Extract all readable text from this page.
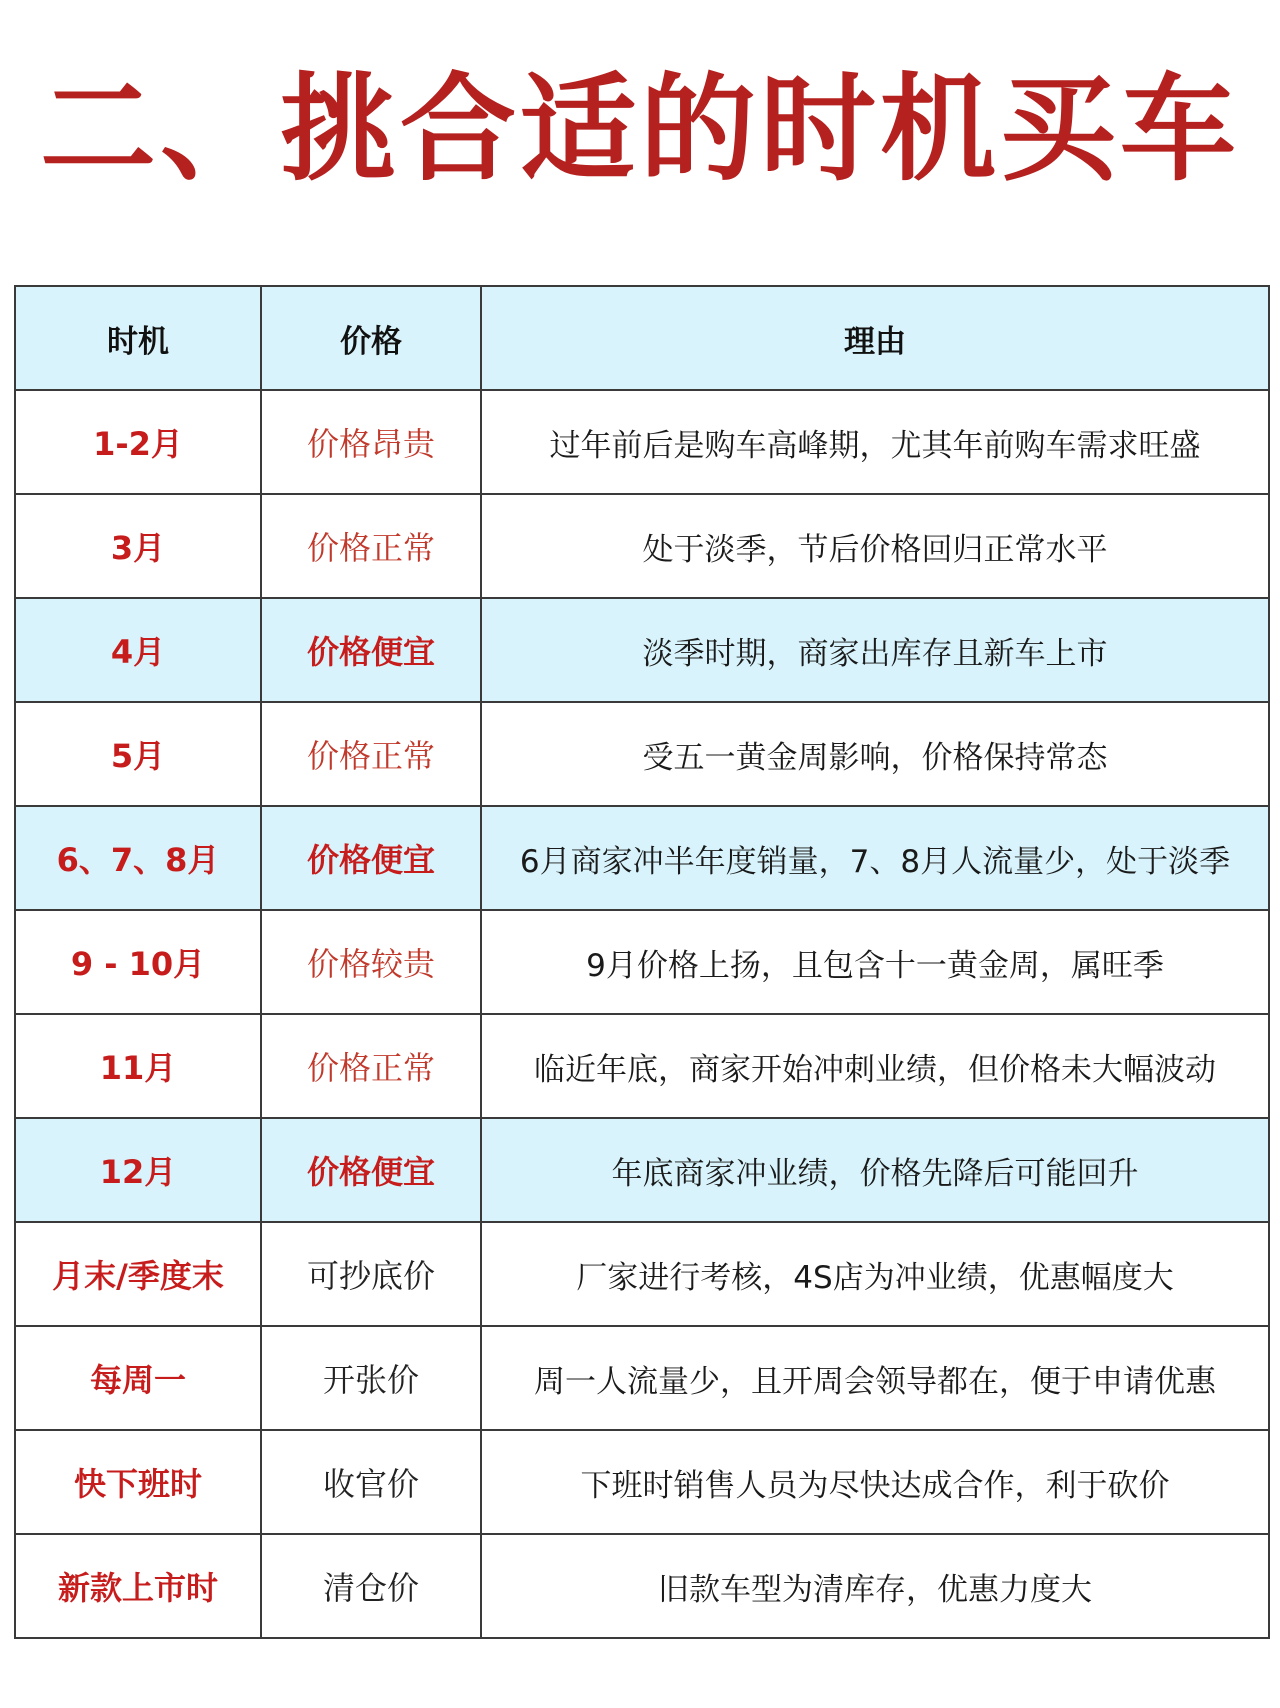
二、挑合适的时机买车
时机	价格	理由
1-2月	价格昂贵	过年前后是购车高峰期，尤其年前购车需求旺盛
3月	价格正常	处于淡季，节后价格回归正常水平
4月	价格便宜	淡季时期，商家出库存且新车上市
5月	价格正常	受五一黄金周影响，价格保持常态
6、7、8月	价格便宜	6月商家冲半年度销量，7、8月人流量少，处于淡季
9 - 10月	价格较贵	9月价格上扬，且包含十一黄金周，属旺季
11月	价格正常	临近年底，商家开始冲刺业绩，但价格未大幅波动
12月	价格便宜	年底商家冲业绩，价格先降后可能回升
月末/季度末	可抄底价	厂家进行考核，4S店为冲业绩，优惠幅度大
每周一	开张价	周一人流量少，且开周会领导都在，便于申请优惠
快下班时	收官价	下班时销售人员为尽快达成合作，利于砍价
新款上市时	清仓价	旧款车型为清库存，优惠力度大
